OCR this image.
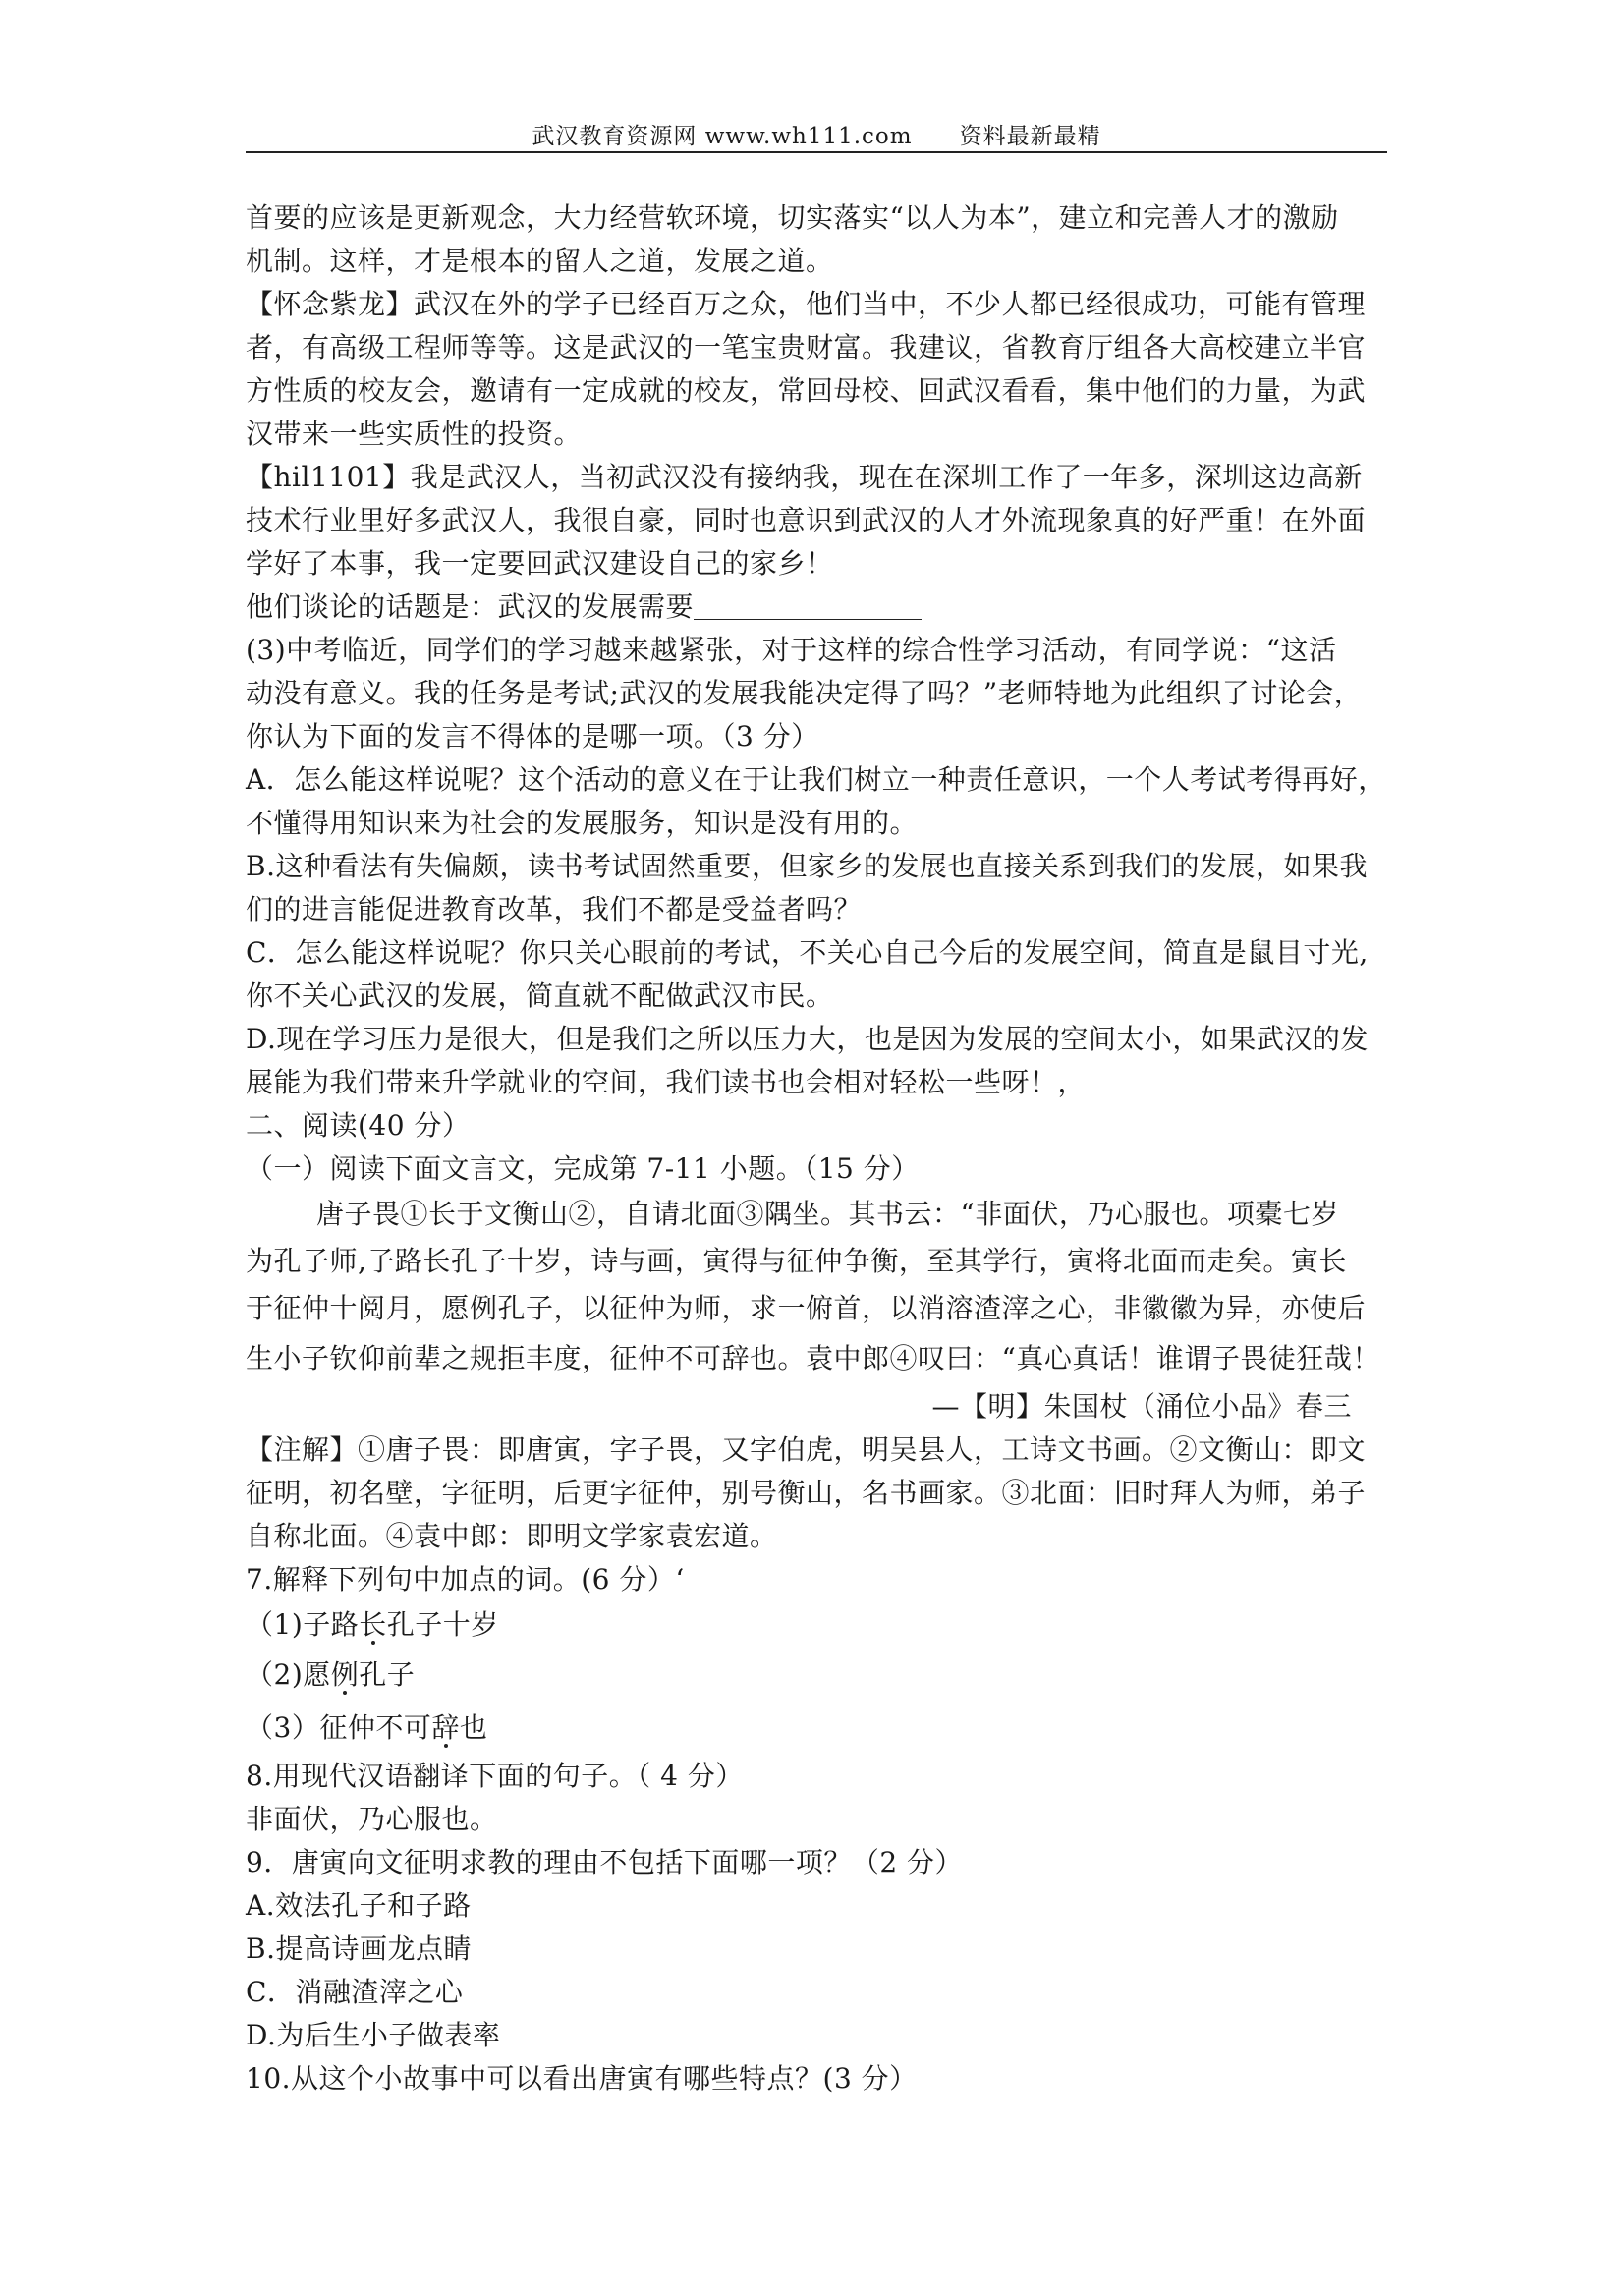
武汉教育资源网 www.wh111.com 资料最新最精
首要的应该是更新观念，大力经营软环境，切实落实“以人为本”，建立和完善人才的激励
机制。这样，才是根本的留人之道，发展之道。
【怀念紫龙】武汉在外的学子已经百万之众，他们当中，不少人都已经很成功，可能有管理
者，有高级工程师等等。这是武汉的一笔宝贵财富。我建议，省教育厅组各大高校建立半官
方性质的校友会，邀请有一定成就的校友，常回母校、回武汉看看，集中他们的力量，为武
汉带来一些实质性的投资。
【hil1101】我是武汉人，当初武汉没有接纳我，现在在深圳工作了一年多，深圳这边高新
技术行业里好多武汉人，我很自豪，同时也意识到武汉的人才外流现象真的好严重！在外面
学好了本事，我一定要回武汉建设自己的家乡！
他们谈论的话题是：武汉的发展需要
(3)中考临近，同学们的学习越来越紧张，对于这样的综合性学习活动，有同学说：“这活
动没有意义。我的任务是考试;武汉的发展我能决定得了吗？”老师特地为此组织了讨论会，
你认为下面的发言不得体的是哪一项。（3 分）
A．怎么能这样说呢？这个活动的意义在于让我们树立一种责任意识，一个人考试考得再好，
不懂得用知识来为社会的发展服务，知识是没有用的。
B.这种看法有失偏颇，读书考试固然重要，但家乡的发展也直接关系到我们的发展，如果我
们的进言能促进教育改革，我们不都是受益者吗？
C．怎么能这样说呢？你只关心眼前的考试，不关心自己今后的发展空间，简直是鼠目寸光,
你不关心武汉的发展，简直就不配做武汉市民。
D.现在学习压力是很大，但是我们之所以压力大，也是因为发展的空间太小，如果武汉的发
展能为我们带来升学就业的空间，我们读书也会相对轻松一些呀！，
二、阅读(40 分）
（一）阅读下面文言文，完成第 7-11 小题。（15 分）
唐子畏①长于文衡山②，自请北面③隅坐。其书云：“非面伏，乃心服也。项橐七岁
为孔子师,子路长孔子十岁，诗与画，寅得与征仲争衡，至其学行，寅将北面而走矣。寅长
于征仲十阅月，愿例孔子，以征仲为师，求一俯首，以消溶渣滓之心，非徽徽为异，亦使后
生小子钦仰前辈之规拒丰度，征仲不可辞也。袁中郎④叹曰：“真心真话！谁谓子畏徒狂哉！
—【明】朱国杖（涌位小品》春三
【注解】①唐子畏：即唐寅，字子畏，又字伯虎，明吴县人，工诗文书画。②文衡山：即文
征明，初名壁，字征明，后更字征仲，别号衡山，名书画家。③北面：旧时拜人为师，弟子
自称北面。④袁中郎：即明文学家袁宏道。
7.解释下列句中加点的词。(6 分）‘
（1)子路长孔子十岁
（2)愿例孔子
（3）征仲不可辞也
8.用现代汉语翻译下面的句子。（ 4 分）
非面伏，乃心服也。
9．唐寅向文征明求教的理由不包括下面哪一项？（2 分）
A.效法孔子和子路
B.提高诗画龙点睛
C．消融渣滓之心
D.为后生小子做表率
10.从这个小故事中可以看出唐寅有哪些特点？(3 分）
